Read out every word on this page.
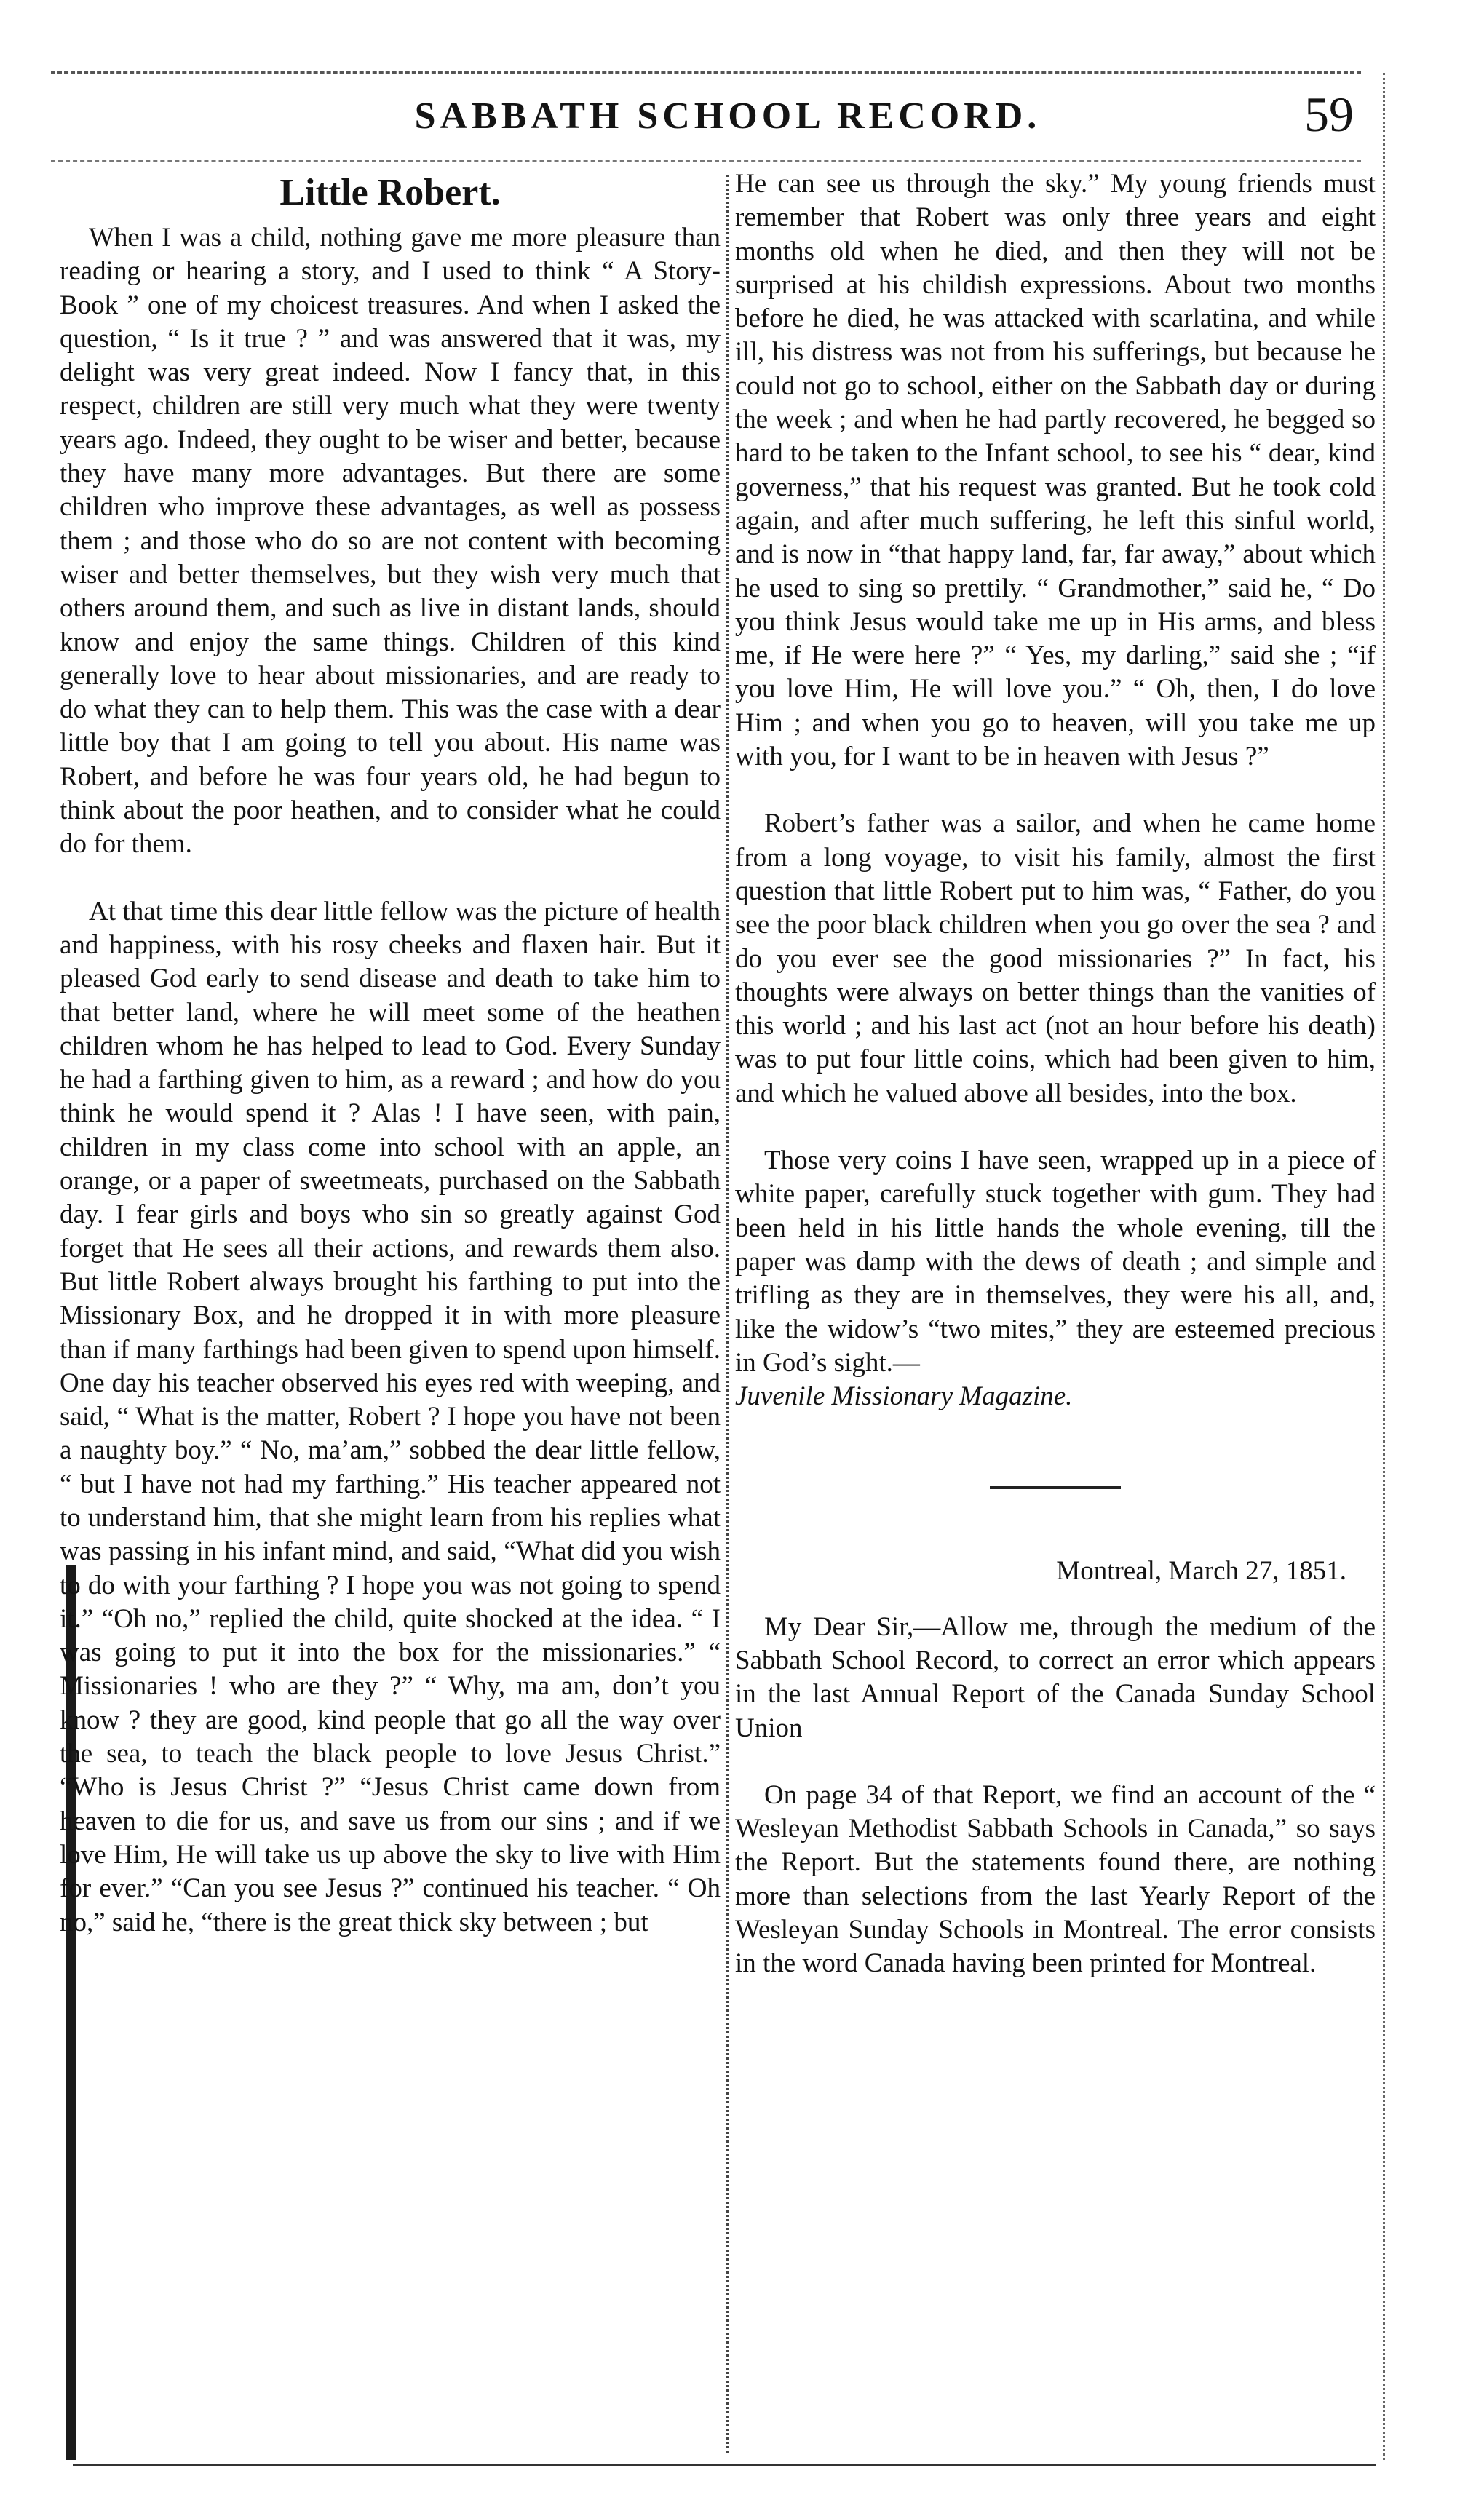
SABBATH SCHOOL RECORD.	59
Little Robert.

When I was a child, nothing gave me more pleasure than reading or hearing a story, and I used to think “ A Story-Book ” one of my choicest treasures. And when I asked the question, “ Is it true ? ” and was answered that it was, my delight was very great indeed. Now I fancy that, in this respect, children are still very much what they were twenty years ago. Indeed, they ought to be wiser and better, because they have many more advantages. But there are some children who improve these advantages, as well as possess them ; and those who do so are not content with becoming wiser and better themselves, but they wish very much that others around them, and such as live in distant lands, should know and enjoy the same things. Children of this kind generally love to hear about missionaries, and are ready to do what they can to help them. This was the case with a dear little boy that I am going to tell you about. His name was Robert, and before he was four years old, he had begun to think about the poor heathen, and to consider what he could do for them.

At that time this dear little fellow was the picture of health and happiness, with his rosy cheeks and flaxen hair. But it pleased God early to send disease and death to take him to that better land, where he will meet some of the heathen children whom he has helped to lead to God. Every Sunday he had a farthing given to him, as a reward ; and how do you think he would spend it ? Alas ! I have seen, with pain, children in my class come into school with an apple, an orange, or a paper of sweetmeats, purchased on the Sabbath day. I fear girls and boys who sin so greatly against God forget that He sees all their actions, and rewards them also. But little Robert always brought his farthing to put into the Missionary Box, and he dropped it in with more pleasure than if many farthings had been given to spend upon himself. One day his teacher observed his eyes red with weeping, and said, “ What is the matter, Robert ? I hope you have not been a naughty boy.” “ No, ma’am,” sobbed the dear little fellow, “ but I have not had my farthing.” His teacher appeared not to understand him, that she might learn from his replies what was passing in his infant mind, and said, “What did you wish to do with your farthing ? I hope you was not going to spend it.” “Oh no,” replied the child, quite shocked at the idea. “ I was going to put it into the box for the missionaries.” “ Missionaries ! who are they ?” “ Why, ma am, don’t you know ? they are good, kind people that go all the way over the sea, to teach the black people to love Jesus Christ.” “Who is Jesus Christ ?” “Jesus Christ came down from heaven to die for us, and save us from our sins ; and if we love Him, He will take us up above the sky to live with Him for ever.” “Can you see Jesus ?” continued his teacher. “ Oh no,” said he, “there is the great thick sky between ; but

He can see us through the sky.” My young friends must remember that Robert was only three years and eight months old when he died, and then they will not be surprised at his childish expressions. About two months before he died, he was attacked with scarlatina, and while ill, his distress was not from his sufferings, but because he could not go to school, either on the Sabbath day or during the week ; and when he had partly recovered, he begged so hard to be taken to the Infant school, to see his “ dear, kind governess,” that his request was granted. But he took cold again, and after much suffering, he left this sinful world, and is now in “that happy land, far, far away,” about which he used to sing so prettily. “ Grandmother,” said he, “ Do you think Jesus would take me up in His arms, and bless me, if He were here ?” “ Yes, my darling,” said she ; “if you love Him, He will love you.” “ Oh, then, I do love Him ; and when you go to heaven, will you take me up with you, for I want to be in heaven with Jesus ?”

Robert’s father was a sailor, and when he came home from a long voyage, to visit his family, almost the first question that little Robert put to him was, “ Father, do you see the poor black children when you go over the sea ? and do you ever see the good missionaries ?” In fact, his thoughts were always on better things than the vanities of this world ; and his last act (not an hour before his death) was to put four little coins, which had been given to him, and which he valued above all besides, into the box.

Those very coins I have seen, wrapped up in a piece of white paper, carefully stuck together with gum. They had been held in his little hands the whole evening, till the paper was damp with the dews of death ; and simple and trifling as they are in themselves, they were his all, and, like the widow’s “two mites,” they are esteemed precious in God’s sight.—

Juvenile Missionary Magazine.

Montreal, March 27, 1851.

My Dear Sir,—Allow me, through the medium of the Sabbath School Record, to correct an error which appears in the last Annual Report of the Canada Sunday School Union

On page 34 of that Report, we find an account of the “ Wesleyan Methodist Sabbath Schools in Canada,” so says the Report. But the statements found there, are nothing more than selections from the last Yearly Report of the Wesleyan Sunday Schools in Montreal. The error consists in the word Canada having been printed for Montreal.
